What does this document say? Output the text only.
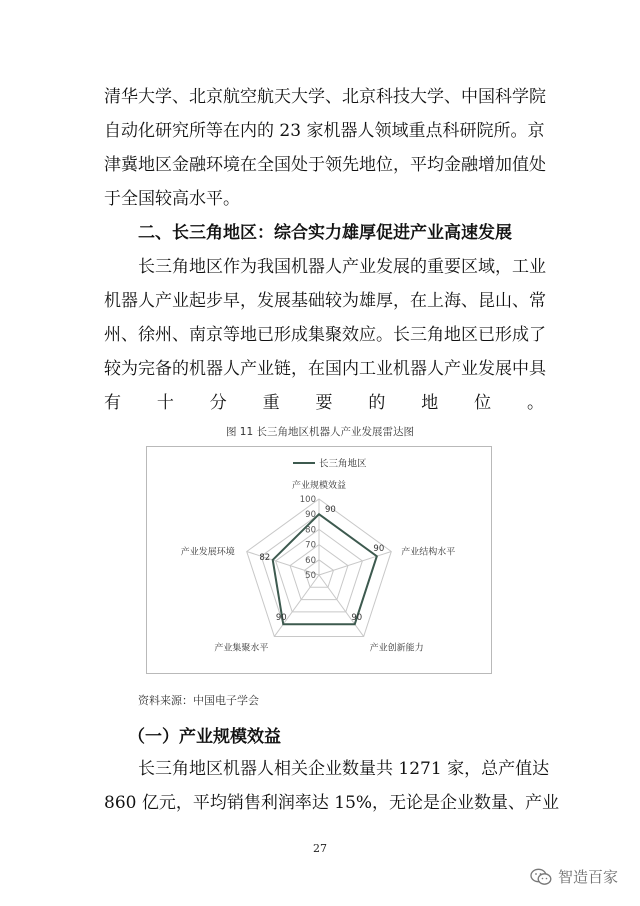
清华大学、北京航空航天大学、北京科技大学、中国科学院
自动化研究所等在内的 23 家机器人领域重点科研院所。京
津冀地区金融环境在全国处于领先地位，平均金融增加值处
于全国较高水平。
二、长三角地区：综合实力雄厚促进产业高速发展
长三角地区作为我国机器人产业发展的重要区域，工业
机器人产业起步早，发展基础较为雄厚，在上海、昆山、常
州、徐州、南京等地已形成集聚效应。长三角地区已形成了
较为完备的机器人产业链，在国内工业机器人产业发展中具
有十分重要的地位。
图 11 长三角地区机器人产业发展雷达图
50
60
70
80
90
100
产业规模效益
产业结构水平
产业创新能力
产业集聚水平
产业发展环境
90
90
90
90
82
长三角地区
资料来源：中国电子学会
（一）产业规模效益
长三角地区机器人相关企业数量共 1271 家，总产值达
860 亿元，平均销售利润率达 15%，无论是企业数量、产业
27
智造百家
